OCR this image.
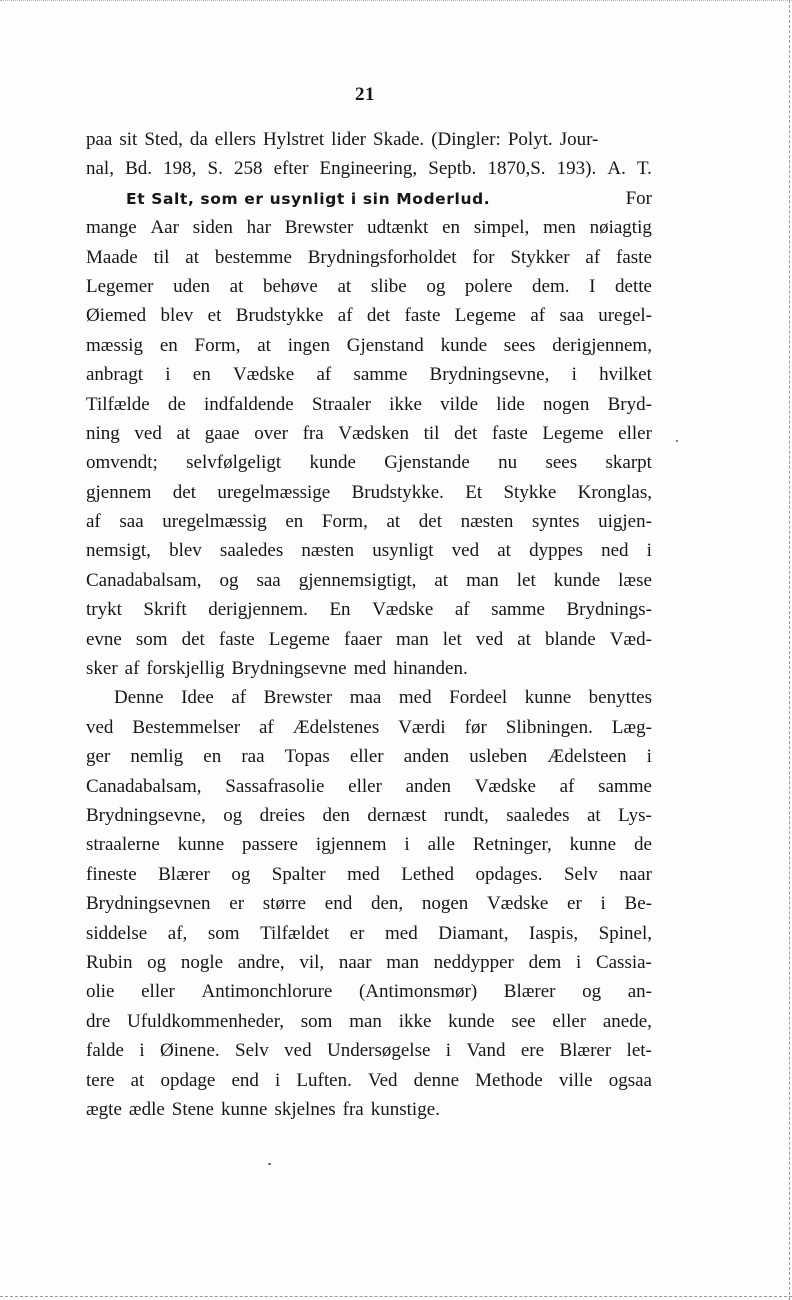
21
paa sit Sted, da ellers Hylstret lider Skade. (Dingler: Polyt. Jour-
nal, Bd. 198, S. 258 efter Engineering, Septb. 1870,S. 193). A. T.
Et Salt, som er usynligt i sin Moderlud.	For
mange Aar siden har Brewster udtænkt en simpel, men nøiagtig
Maade til at bestemme Brydningsforholdet for Stykker af faste
Legemer uden at behøve at slibe og polere dem. I dette
Øiemed blev et Brudstykke af det faste Legeme af saa uregel-
mæssig en Form, at ingen Gjenstand kunde sees derigjennem,
anbragt i en Vædske af samme Brydningsevne, i hvilket
Tilfælde de indfaldende Straaler ikke vilde lide nogen Bryd-
ning ved at gaae over fra Vædsken til det faste Legeme eller
omvendt; selvfølgeligt kunde Gjenstande nu sees skarpt
gjennem det uregelmæssige Brudstykke. Et Stykke Kronglas,
af saa uregelmæssig en Form, at det næsten syntes uigjen-
nemsigt, blev saaledes næsten usynligt ved at dyppes ned i
Canadabalsam, og saa gjennemsigtigt, at man let kunde læse
trykt Skrift derigjennem. En Vædske af samme Brydnings-
evne som det faste Legeme faaer man let ved at blande Væd-
sker af forskjellig Brydningsevne med hinanden.
Denne Idee af Brewster maa med Fordeel kunne benyttes
ved Bestemmelser af Ædelstenes Værdi før Slibningen. Læg-
ger nemlig en raa Topas eller anden usleben Ædelsteen i
Canadabalsam, Sassafrasolie eller anden Vædske af samme
Brydningsevne, og dreies den dernæst rundt, saaledes at Lys-
straalerne kunne passere igjennem i alle Retninger, kunne de
fineste Blærer og Spalter med Lethed opdages. Selv naar
Brydningsevnen er større end den, nogen Vædske er i Be-
siddelse af, som Tilfældet er med Diamant, Iaspis, Spinel,
Rubin og nogle andre, vil, naar man neddypper dem i Cassia-
olie eller Antimonchlorure (Antimonsmør) Blærer og an-
dre Ufuldkommenheder, som man ikke kunde see eller anede,
falde i Øinene. Selv ved Undersøgelse i Vand ere Blærer let-
tere at opdage end i Luften. Ved denne Methode ville ogsaa
ægte ædle Stene kunne skjelnes fra kunstige.
